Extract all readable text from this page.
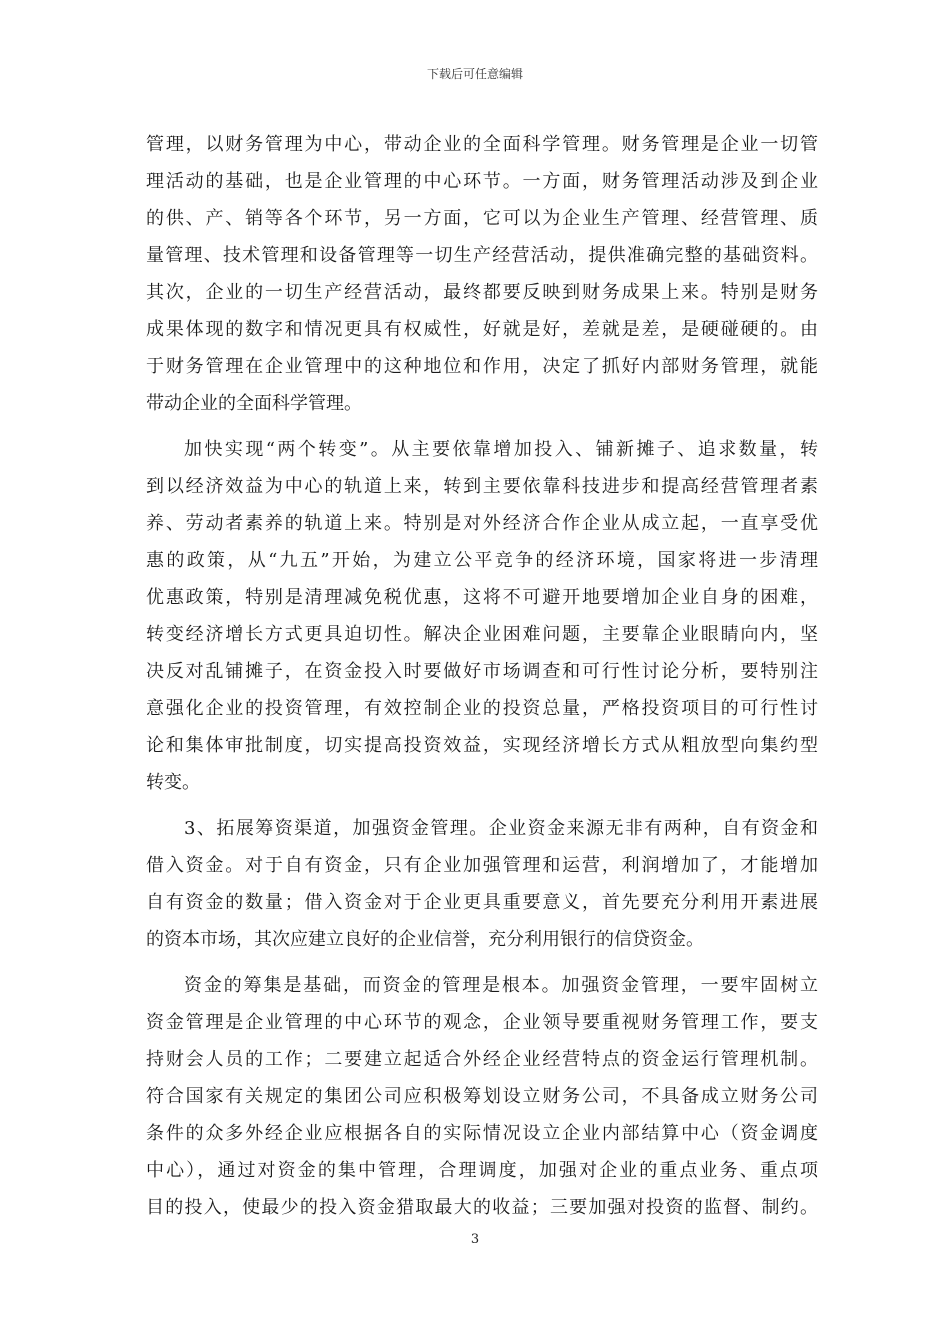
下载后可任意编辑
管理，以财务管理为中心，带动企业的全面科学管理。财务管理是企业一切管
理活动的基础，也是企业管理的中心环节。一方面，财务管理活动涉及到企业
的供、产、销等各个环节，另一方面，它可以为企业生产管理、经营管理、质
量管理、技术管理和设备管理等一切生产经营活动，提供准确完整的基础资料。
其次，企业的一切生产经营活动，最终都要反映到财务成果上来。特别是财务
成果体现的数字和情况更具有权威性，好就是好，差就是差，是硬碰硬的。由
于财务管理在企业管理中的这种地位和作用，决定了抓好内部财务管理，就能
带动企业的全面科学管理。
加快实现“两个转变”。从主要依靠增加投入、铺新摊子、追求数量，转
到以经济效益为中心的轨道上来，转到主要依靠科技进步和提高经营管理者素
养、劳动者素养的轨道上来。特别是对外经济合作企业从成立起，一直享受优
惠的政策，从“九五”开始，为建立公平竞争的经济环境，国家将进一步清理
优惠政策，特别是清理减免税优惠，这将不可避开地要增加企业自身的困难，
转变经济增长方式更具迫切性。解决企业困难问题，主要靠企业眼睛向内，坚
决反对乱铺摊子，在资金投入时要做好市场调查和可行性讨论分析，要特别注
意强化企业的投资管理，有效控制企业的投资总量，严格投资项目的可行性讨
论和集体审批制度，切实提高投资效益，实现经济增长方式从粗放型向集约型
转变。
3、拓展筹资渠道，加强资金管理。企业资金来源无非有两种，自有资金和
借入资金。对于自有资金，只有企业加强管理和运营，利润增加了，才能增加
自有资金的数量；借入资金对于企业更具重要意义，首先要充分利用开素进展
的资本市场，其次应建立良好的企业信誉，充分利用银行的信贷资金。
资金的筹集是基础，而资金的管理是根本。加强资金管理，一要牢固树立
资金管理是企业管理的中心环节的观念，企业领导要重视财务管理工作，要支
持财会人员的工作；二要建立起适合外经企业经营特点的资金运行管理机制。
符合国家有关规定的集团公司应积极筹划设立财务公司，不具备成立财务公司
条件的众多外经企业应根据各自的实际情况设立企业内部结算中心（资金调度
中心），通过对资金的集中管理，合理调度，加强对企业的重点业务、重点项
目的投入，使最少的投入资金猎取最大的收益；三要加强对投资的监督、制约。
3
